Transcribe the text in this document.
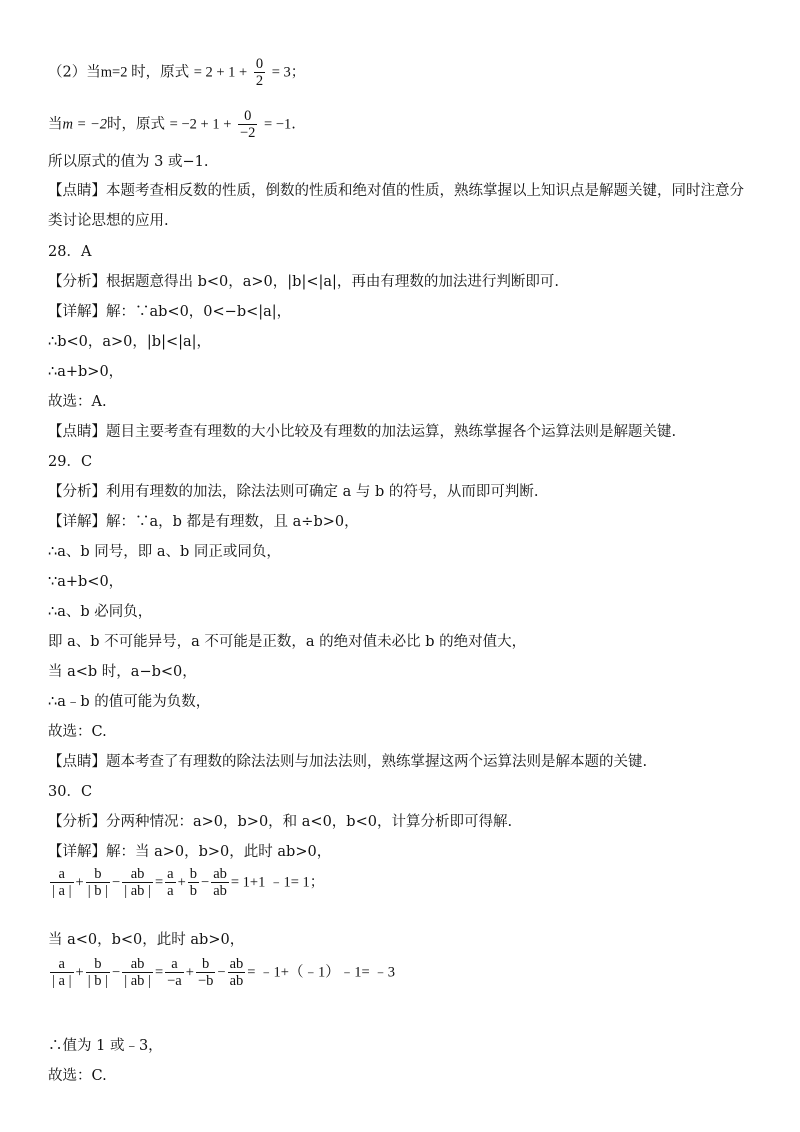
（2）当m=2 时，原式 = $2 + 1 + \frac{0}{2} = 3$；
当m = −2时，原式 = $-2 + 1 + \frac{0}{-2} = -1$.
所以原式的值为 3 或−1.
【点睛】本题考查相反数的性质，倒数的性质和绝对值的性质，熟练掌握以上知识点是解题关键，同时注意分类讨论思想的应用.
28．A
【分析】根据题意得出 b<0，a>0，|b|<|a|，再由有理数的加法进行判断即可.
【详解】解：∵ab<0，0<−b<|a|，
∴b<0，a>0，|b|<|a|，
∴a+b>0，
故选：A.
【点睛】题目主要考查有理数的大小比较及有理数的加法运算，熟练掌握各个运算法则是解题关键.
29．C
【分析】利用有理数的加法，除法法则可确定 a 与 b 的符号，从而即可判断.
【详解】解：∵a，b 都是有理数，且 a÷b>0，
∴a、b 同号，即 a、b 同正或同负，
∵a+b<0，
∴a、b 必同负，
即 a、b 不可能异号，a 不可能是正数，a 的绝对值未必比 b 的绝对值大，
当 a<b 时，a−b<0，
∴a﹣b 的值可能为负数，
故选：C.
【点睛】题本考查了有理数的除法法则与加法法则，熟练掌握这两个运算法则是解本题的关键.
30．C
【分析】分两种情况：a>0，b>0，和 a<0，b<0，计算分析即可得解.
【详解】解：当 a>0，b>0，此时 ab>0，
$\frac{a}{| a |} + \frac{b}{| b |} - \frac{ab}{| ab |} = \frac{a}{a} + \frac{b}{b} - \frac{ab}{ab} = 1+1$ ﹣1= 1；
当 a<0，b<0，此时 ab>0，
$\frac{a}{| a |} + \frac{b}{| b |} - \frac{ab}{| ab |} = \frac{a}{-a} + \frac{b}{-b} - \frac{ab}{ab}$ = ﹣1+（﹣1）﹣1= ﹣3
∴值为 1 或﹣3，
故选：C.
